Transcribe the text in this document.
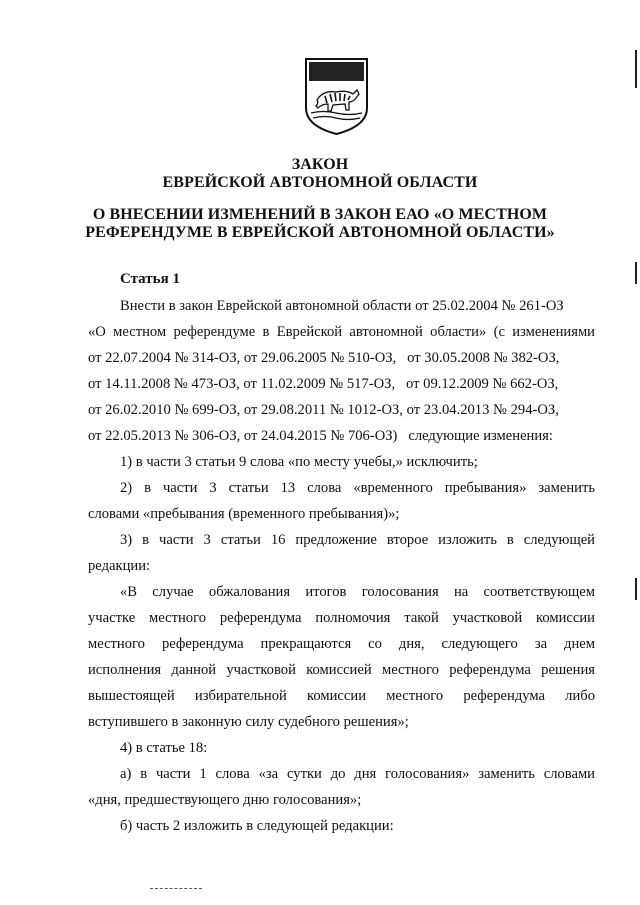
ЗАКОН
ЕВРЕЙСКОЙ АВТОНОМНОЙ ОБЛАСТИ
О ВНЕСЕНИИ ИЗМЕНЕНИЙ В ЗАКОН ЕАО «О МЕСТНОМ
РЕФЕРЕНДУМЕ В ЕВРЕЙСКОЙ АВТОНОМНОЙ ОБЛАСТИ»
Статья 1
Внести в закон Еврейской автономной области от 25.02.2004 № 261-ОЗ
«О местном референдуме в Еврейской автономной области» (с изменениями
от 22.07.2004 № 314-ОЗ, от 29.06.2005 № 510-ОЗ,   от 30.05.2008 № 382-ОЗ,
от 14.11.2008 № 473-ОЗ, от 11.02.2009 № 517-ОЗ,   от 09.12.2009 № 662-ОЗ,
от 26.02.2010 № 699-ОЗ, от 29.08.2011 № 1012-ОЗ, от 23.04.2013 № 294-ОЗ,
от 22.05.2013 № 306-ОЗ, от 24.04.2015 № 706-ОЗ)   следующие изменения:
1) в части 3 статьи 9 слова «по месту учебы,» исключить;
2) в части 3 статьи 13 слова «временного пребывания» заменить
словами «пребывания (временного пребывания)»;
3) в части 3 статьи 16 предложение второе изложить в следующей
редакции:
«В случае обжалования итогов голосования на соответствующем
участке местного референдума полномочия такой участковой комиссии
местного референдума прекращаются со дня, следующего за днем
исполнения данной участковой комиссией местного референдума решения
вышестоящей избирательной комиссии местного референдума либо
вступившего в законную силу судебного решения»;
4) в статье 18:
а) в части 1 слова «за сутки до дня голосования» заменить словами
«дня, предшествующего дню голосования»;
б) часть 2 изложить в следующей редакции:
